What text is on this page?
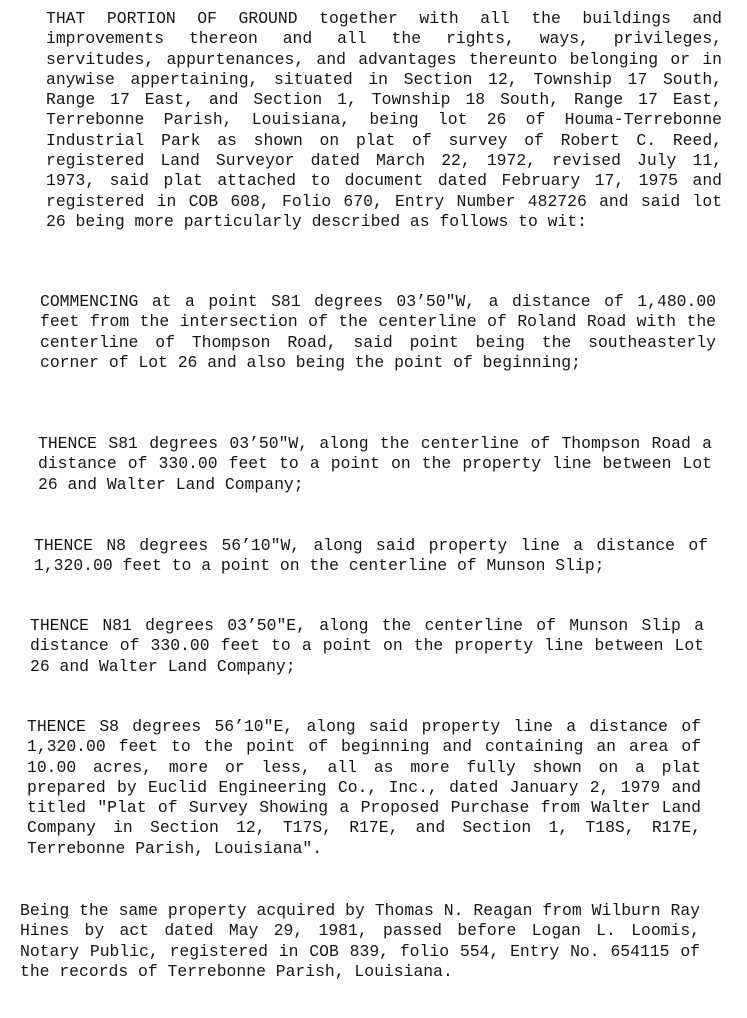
THAT PORTION OF GROUND together with all the buildings and improvements thereon and all the rights, ways, privileges, servitudes, appurtenances, and advantages thereunto belonging or in anywise appertaining, situated in Section 12, Township 17 South, Range 17 East, and Section 1, Township 18 South, Range 17 East, Terrebonne Parish, Louisiana, being lot 26 of Houma-Terrebonne Industrial Park as shown on plat of survey of Robert C. Reed, registered Land Surveyor dated March 22, 1972, revised July 11, 1973, said plat attached to document dated February 17, 1975 and registered in COB 608, Folio 670, Entry Number 482726 and said lot 26 being more particularly described as follows to wit:

COMMENCING at a point S81 degrees 03’50"W, a distance of 1,480.00 feet from the intersection of the centerline of Roland Road with the centerline of Thompson Road, said point being the southeasterly corner of Lot 26 and also being the point of beginning;

THENCE S81 degrees 03’50"W, along the centerline of Thompson Road a distance of 330.00 feet to a point on the property line between Lot 26 and Walter Land Company;

THENCE N8 degrees 56’10"W, along said property line a distance of 1,320.00 feet to a point on the centerline of Munson Slip;

THENCE N81 degrees 03’50"E, along the centerline of Munson Slip a distance of 330.00 feet to a point on the property line between Lot 26 and Walter Land Company;

THENCE S8 degrees 56’10"E, along said property line a distance of 1,320.00 feet to the point of beginning and containing an area of 10.00 acres, more or less, all as more fully shown on a plat prepared by Euclid Engineering Co., Inc., dated January 2, 1979 and titled "Plat of Survey Showing a Proposed Purchase from Walter Land Company in Section 12, T17S, R17E, and Section 1, T18S, R17E, Terrebonne Parish, Louisiana".

Being the same property acquired by Thomas N. Reagan from Wilburn Ray Hines by act dated May 29, 1981, passed before Logan L. Loomis, Notary Public, registered in COB 839, folio 554, Entry No. 654115 of the records of Terrebonne Parish, Louisiana.
